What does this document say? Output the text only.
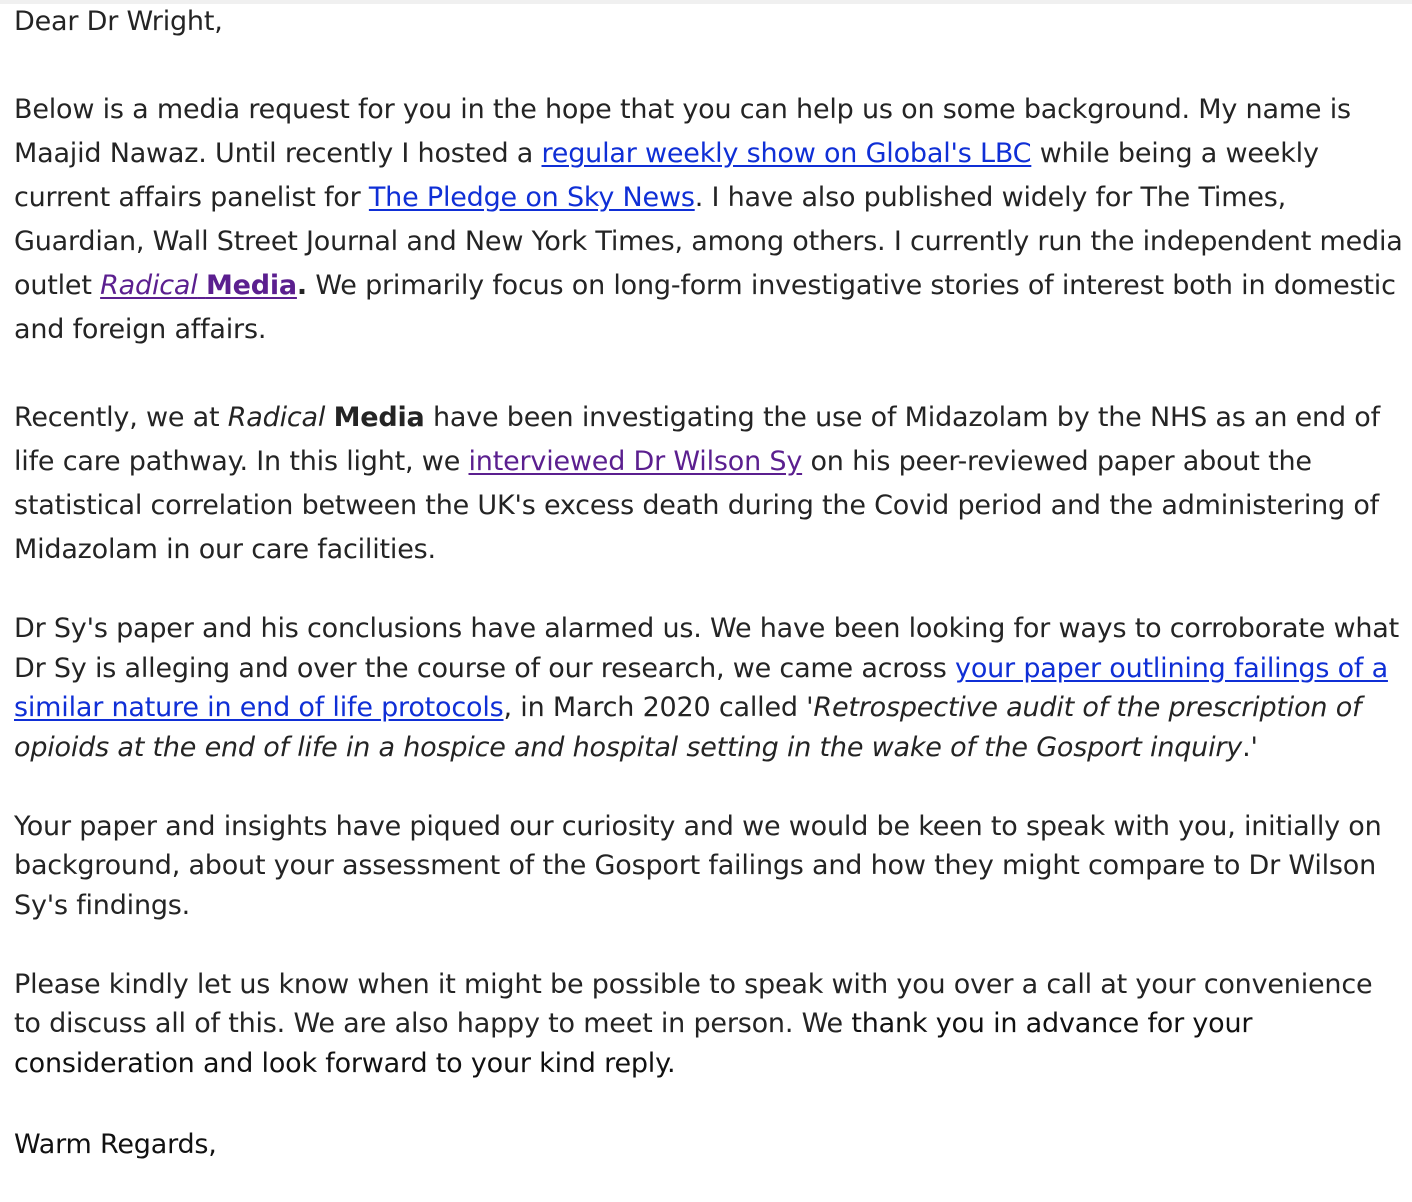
Dear Dr Wright,

Below is a media request for you in the hope that you can help us on some background. My name is Maajid Nawaz. Until recently I hosted a regular weekly show on Global's LBC while being a weekly current affairs panelist for The Pledge on Sky News. I have also published widely for The Times, Guardian, Wall Street Journal and New York Times, among others. I currently run the independent media outlet Radical Media. We primarily focus on long-form investigative stories of interest both in domestic and foreign affairs.

Recently, we at Radical Media have been investigating the use of Midazolam by the NHS as an end of life care pathway. In this light, we interviewed Dr Wilson Sy on his peer-reviewed paper about the statistical correlation between the UK's excess death during the Covid period and the administering of Midazolam in our care facilities.

Dr Sy's paper and his conclusions have alarmed us. We have been looking for ways to corroborate what Dr Sy is alleging and over the course of our research, we came across your paper outlining failings of a similar nature in end of life protocols, in March 2020 called 'Retrospective audit of the prescription of opioids at the end of life in a hospice and hospital setting in the wake of the Gosport inquiry.'

Your paper and insights have piqued our curiosity and we would be keen to speak with you, initially on background, about your assessment of the Gosport failings and how they might compare to Dr Wilson Sy's findings.

Please kindly let us know when it might be possible to speak with you over a call at your convenience to discuss all of this. We are also happy to meet in person. We thank you in advance for your consideration and look forward to your kind reply.

Warm Regards,
